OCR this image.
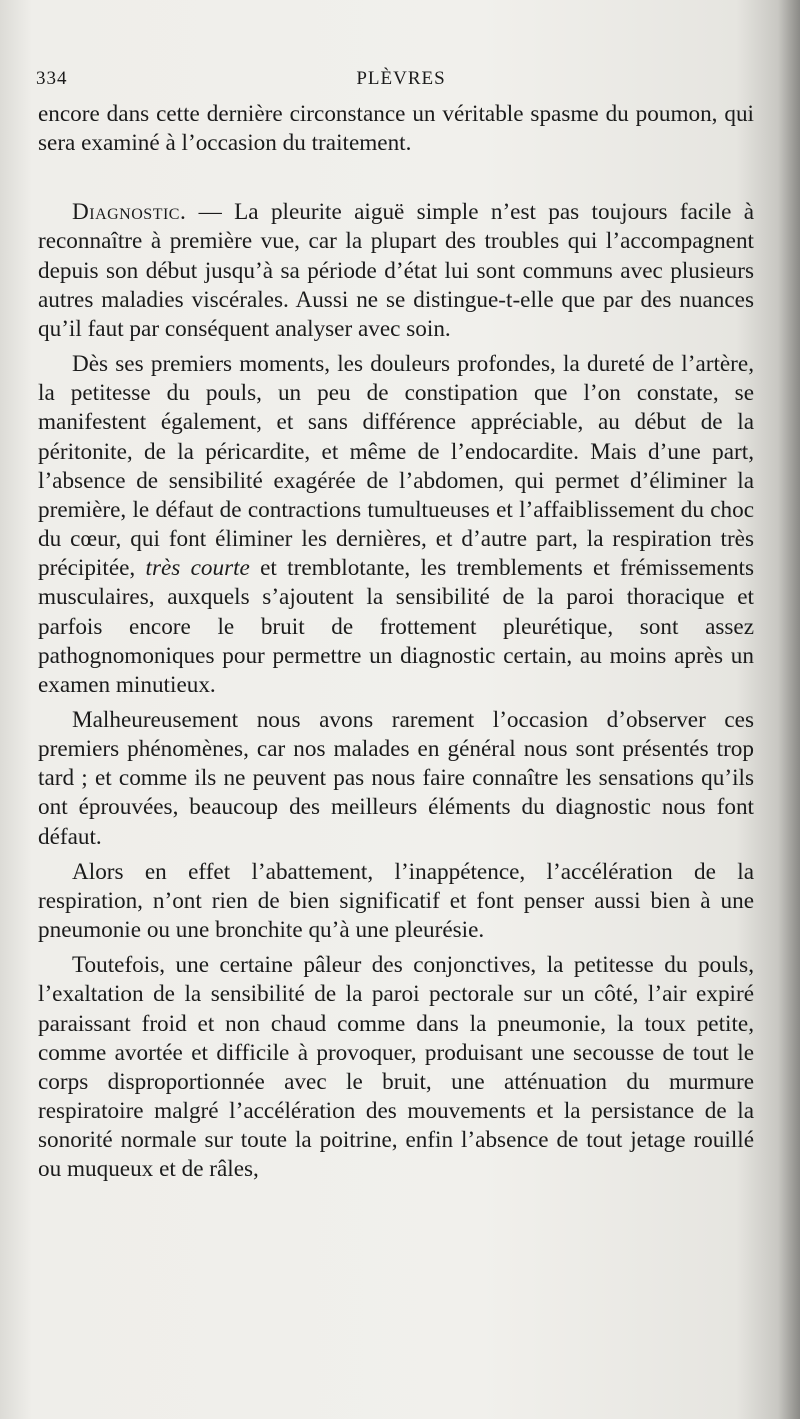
334	PLÈVRES

encore dans cette dernière circonstance un véritable spasme du poumon, qui sera examiné à l’occasion du traitement.

Diagnostic. — La pleurite aiguë simple n’est pas toujours facile à reconnaître à première vue, car la plupart des troubles qui l’accompagnent depuis son début jusqu’à sa période d’état lui sont communs avec plusieurs autres maladies viscérales. Aussi ne se distingue-t-elle que par des nuances qu’il faut par conséquent analyser avec soin.

Dès ses premiers moments, les douleurs profondes, la dureté de l’artère, la petitesse du pouls, un peu de constipation que l’on constate, se manifestent également, et sans différence appréciable, au début de la péritonite, de la péricardite, et même de l’endocardite. Mais d’une part, l’absence de sensibilité exagérée de l’abdomen, qui permet d’éliminer la première, le défaut de contractions tumultueuses et l’affaiblissement du choc du cœur, qui font éliminer les dernières, et d’autre part, la respiration très précipitée, très courte et tremblotante, les tremblements et frémissements musculaires, auxquels s’ajoutent la sensibilité de la paroi thoracique et parfois encore le bruit de frottement pleurétique, sont assez pathognomoniques pour permettre un diagnostic certain, au moins après un examen minutieux.

Malheureusement nous avons rarement l’occasion d’observer ces premiers phénomènes, car nos malades en général nous sont présentés trop tard ; et comme ils ne peuvent pas nous faire connaître les sensations qu’ils ont éprouvées, beaucoup des meilleurs éléments du diagnostic nous font défaut.

Alors en effet l’abattement, l’inappétence, l’accélération de la respiration, n’ont rien de bien significatif et font penser aussi bien à une pneumonie ou une bronchite qu’à une pleurésie.

Toutefois, une certaine pâleur des conjonctives, la petitesse du pouls, l’exaltation de la sensibilité de la paroi pectorale sur un côté, l’air expiré paraissant froid et non chaud comme dans la pneumonie, la toux petite, comme avortée et difficile à provoquer, produisant une secousse de tout le corps disproportionnée avec le bruit, une atténuation du murmure respiratoire malgré l’accélération des mouvements et la persistance de la sonorité normale sur toute la poitrine, enfin l’absence de tout jetage rouillé ou muqueux et de râles,
